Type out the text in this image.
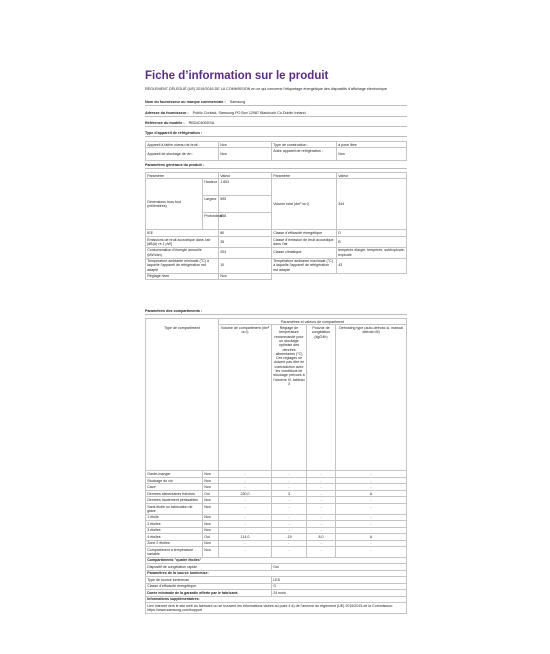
Fiche d’information sur le produit
RÈGLEMENT DÉLÉGUÉ (UE) 2019/2016 DE LA COMMISSION en ce qui concerne l’étiquetage énergétique des dispositifs d’affichage électronique
Nom du fournisseur ou marque commerciale : Samsung
Adresse du fournisseur : Public Contact, Samsung PO Box 12987 Blackrock Co.Dublin Ireland
Référence du modèle : RB34C605DSA
Type d’appareil de réfrigération :
Appareil à faible niveau de bruit :	Non	Type de construction :	à pose libre
Appareil de stockage de vin :	Non	Autre appareil de réfrigération :	Non
Paramètres généraux du produit :
Paramètre		Valeur	Paramètre	Valeur
Dimensions hors tout (millimètres)	Hauteur	1 853	Volume total (dm³ ou l)	344
	Largeur	595		
	Profondeur	658		
IEE		80	Classe d’efficacité énergétique	D
Émissions de bruit acoustique dans l’air [dB(A) re 1 pW]		35	Classe d’émission de bruit acoustique dans l’air	B
Consommation d’énergie annuelle (kWh/an)		204	Classe climatique:	tempérée élargie, tempérée, subtropicale, tropicale
Température ambiante minimale (°C) à laquelle l’appareil de réfrigération est adapté		10	Température ambiante maximale (°C) à laquelle l’appareil de réfrigération est adapté	43
Réglage hiver		Non		
Paramètres des compartiments :
		Paramètres et valeurs de compartiment			
Type de compartiment		Volume de compartiment (dm³ ou l)	Réglage de température recommandé pour un stockage optimisé des denrées alimentaires (°C) Ces réglages ne doivent pas être en contradiction avec les conditions de stockage prévues à l’annexe IV, tableau 3	Pouvoir de congélation (kg/24h)	Defrosting type (auto-defrost=A, manual defrost=M)
Garde-manger	Non	-	-	-	-
Stockage du vin	Non	-	-	-	-
Cave	Non	-	-	-	-
Denrées alimentaires fraîches	Oui	230,0	3	-	A
Denrées hautement périssables	Non	-	-	-	-
Sans étoile ou fabrication de glace	Non	-	-	-	-
1 étoile	Non	-	-	-	-
2 étoiles	Non	-	-	-	-
3 étoiles	Non	-	-	-	-
4 étoiles	Oui	114,0	-19	8,0	A
Zone 2 étoiles	Non	-	-	-	-
Compartiment à température variable	Non	-	-	-	-
Compartiments "quatre étoiles"					
Dispositif de congélation rapide			Oui		
Paramètres de la source lumineuse:					
Type de source lumineuse			LED		
Classe d’efficacité énergétique			G		
Durée minimale de la garantie offerte par le fabricant:			24 mois		
Informations supplémentaires:					
Lien internet vers le site web du fabricant où se trouvent les informations visées au point 4 a) de l’annexe du règlement (UE) 2019/2015 de la Commission: https://www.samsung.com/support					
